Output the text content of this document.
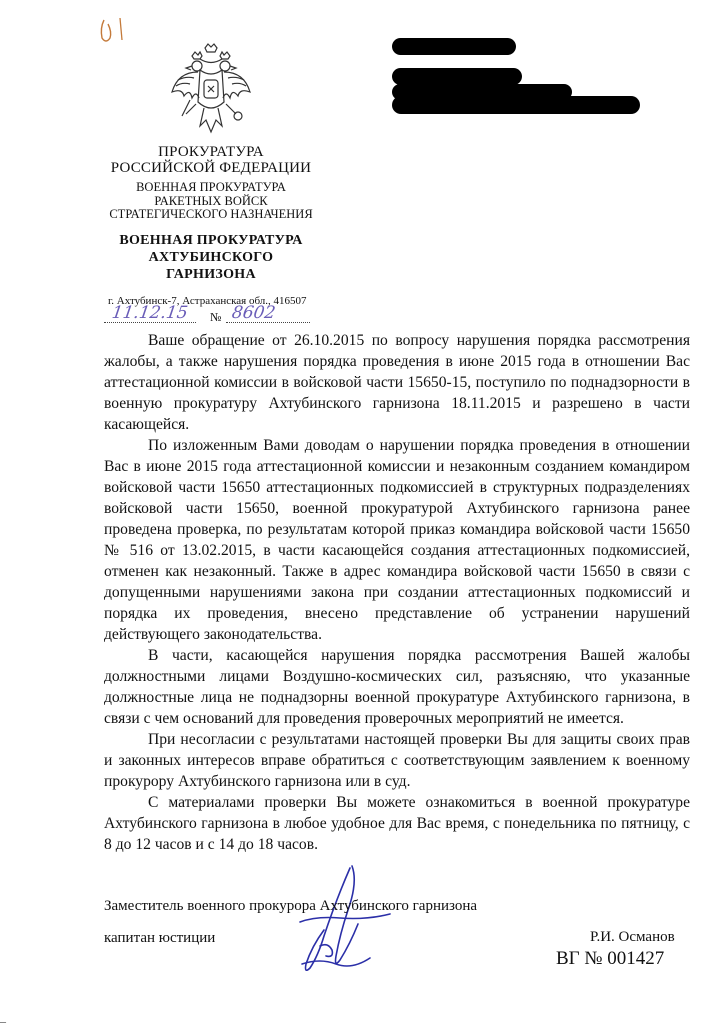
ПРОКУРАТУРА
РОССИЙСКОЙ ФЕДЕРАЦИИ
ВОЕННАЯ ПРОКУРАТУРА
РАКЕТНЫХ ВОЙСК
СТРАТЕГИЧЕСКОГО НАЗНАЧЕНИЯ
ВОЕННАЯ ПРОКУРАТУРА
АХТУБИНСКОГО
ГАРНИЗОНА
г. Ахтубинск-7, Астраханская обл., 416507
11.12.15 № 8602

Ваше обращение от 26.10.2015 по вопросу нарушения порядка рассмотрения жалобы, а также нарушения порядка проведения в июне 2015 года в отношении Вас аттестационной комиссии в войсковой части 15650-15, поступило по поднадзорности в военную прокуратуру Ахтубинского гарнизона 18.11.2015 и разрешено в части касающейся.

По изложенным Вами доводам о нарушении порядка проведения в отношении Вас в июне 2015 года аттестационной комиссии и незаконным созданием командиром войсковой части 15650 аттестационных подкомиссией в структурных подразделениях войсковой части 15650, военной прокуратурой Ахтубинского гарнизона ранее проведена проверка, по результатам которой приказ командира войсковой части 15650 № 516 от 13.02.2015, в части касающейся создания аттестационных подкомиссией, отменен как незаконный. Также в адрес командира войсковой части 15650 в связи с допущенными нарушениями закона при создании аттестационных подкомиссий и порядка их проведения, внесено представление об устранении нарушений действующего законодательства.

В части, касающейся нарушения порядка рассмотрения Вашей жалобы должностными лицами Воздушно-космических сил, разъясняю, что указанные должностные лица не поднадзорны военной прокуратуре Ахтубинского гарнизона, в связи с чем оснований для проведения проверочных мероприятий не имеется.

При несогласии с результатами настоящей проверки Вы для защиты своих прав и законных интересов вправе обратиться с соответствующим заявлением к военному прокурору Ахтубинского гарнизона или в суд.

С материалами проверки Вы можете ознакомиться в военной прокуратуре Ахтубинского гарнизона в любое удобное для Вас время, с понедельника по пятницу, с 8 до 12 часов и с 14 до 18 часов.

Заместитель военного прокурора Ахтубинского гарнизона
капитан юстиции	Р.И. Османов
ВГ № 001427
–
